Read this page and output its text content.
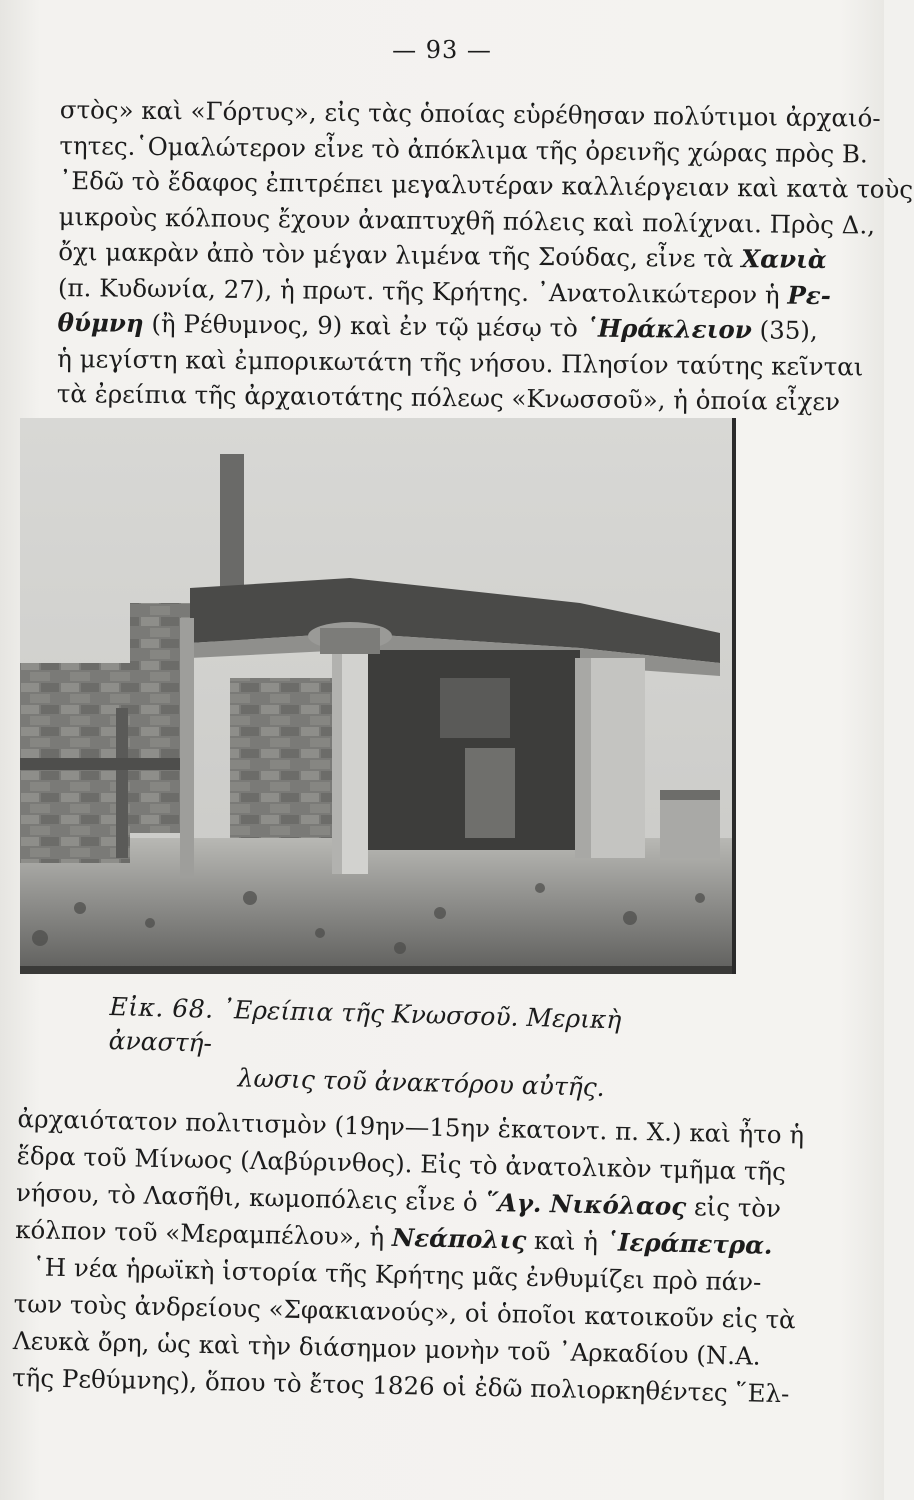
— 93 —
στὸς» καὶ «Γόρτυς», εἰς τὰς ὁποίας εὑρέθησαν πολύτιμοι ἀρχαιό-
τητες.῾Ομαλώτερον εἶνε τὸ ἀπόκλιμα τῆς ὀρεινῆς χώρας πρὸς Β.
᾿Εδῶ τὸ ἔδαφος ἐπιτρέπει μεγαλυτέραν καλλιέργειαν καὶ κατὰ τοὺς
μικροὺς κόλπους ἔχουν ἀναπτυχθῆ πόλεις καὶ πολίχναι. Πρὸς Δ.,
ὄχι μακρὰν ἀπὸ τὸν μέγαν λιμένα τῆς Σούδας, εἶνε τὰ Χανιὰ
(π. Κυδωνία, 27), ἡ πρωτ. τῆς Κρήτης. ᾿Ανατολικώτερον ἡ Ρε-
θύμνη (ἢ Ρέθυμνος, 9) καὶ ἐν τῷ μέσῳ τὸ ῾Ηράκλειον (35),
ἡ μεγίστη καὶ ἐμπορικωτάτη τῆς νήσου. Πλησίον ταύτης κεῖνται
τὰ ἐρείπια τῆς ἀρχαιοτάτης πόλεως «Κνωσσοῦ», ἡ ὁποία εἶχεν
Εἰκ. 68. ᾿Ερείπια τῆς Κνωσσοῦ. Μερικὴ ἀναστή-
λωσις τοῦ ἀνακτόρου αὐτῆς.
ἀρχαιότατον πολιτισμὸν (19ην—15ην ἑκατοντ. π. Χ.) καὶ ἦτο ἡ
ἕδρα τοῦ Μίνωος (Λαβύρινθος). Εἰς τὸ ἀνατολικὸν τμῆμα τῆς
νήσου, τὸ Λασῆθι, κωμοπόλεις εἶνε ὁ ῞Αγ. Νικόλαος εἰς τὸν
κόλπον τοῦ «Μεραμπέλου», ἡ Νεάπολις καὶ ἡ ῾Ιεράπετρα.
῾Η νέα ἡρωϊκὴ ἱστορία τῆς Κρήτης μᾶς ἐνθυμίζει πρὸ πάν-
των τοὺς ἀνδρείους «Σφακιανούς», οἱ ὁποῖοι κατοικοῦν εἰς τὰ
Λευκὰ ὄρη, ὡς καὶ τὴν διάσημον μονὴν τοῦ ᾿Αρκαδίου (Ν.Α.
τῆς Ρεθύμνης), ὅπου τὸ ἔτος 1826 οἱ ἐδῶ πολιορκηθέντες ῞Ελ-
